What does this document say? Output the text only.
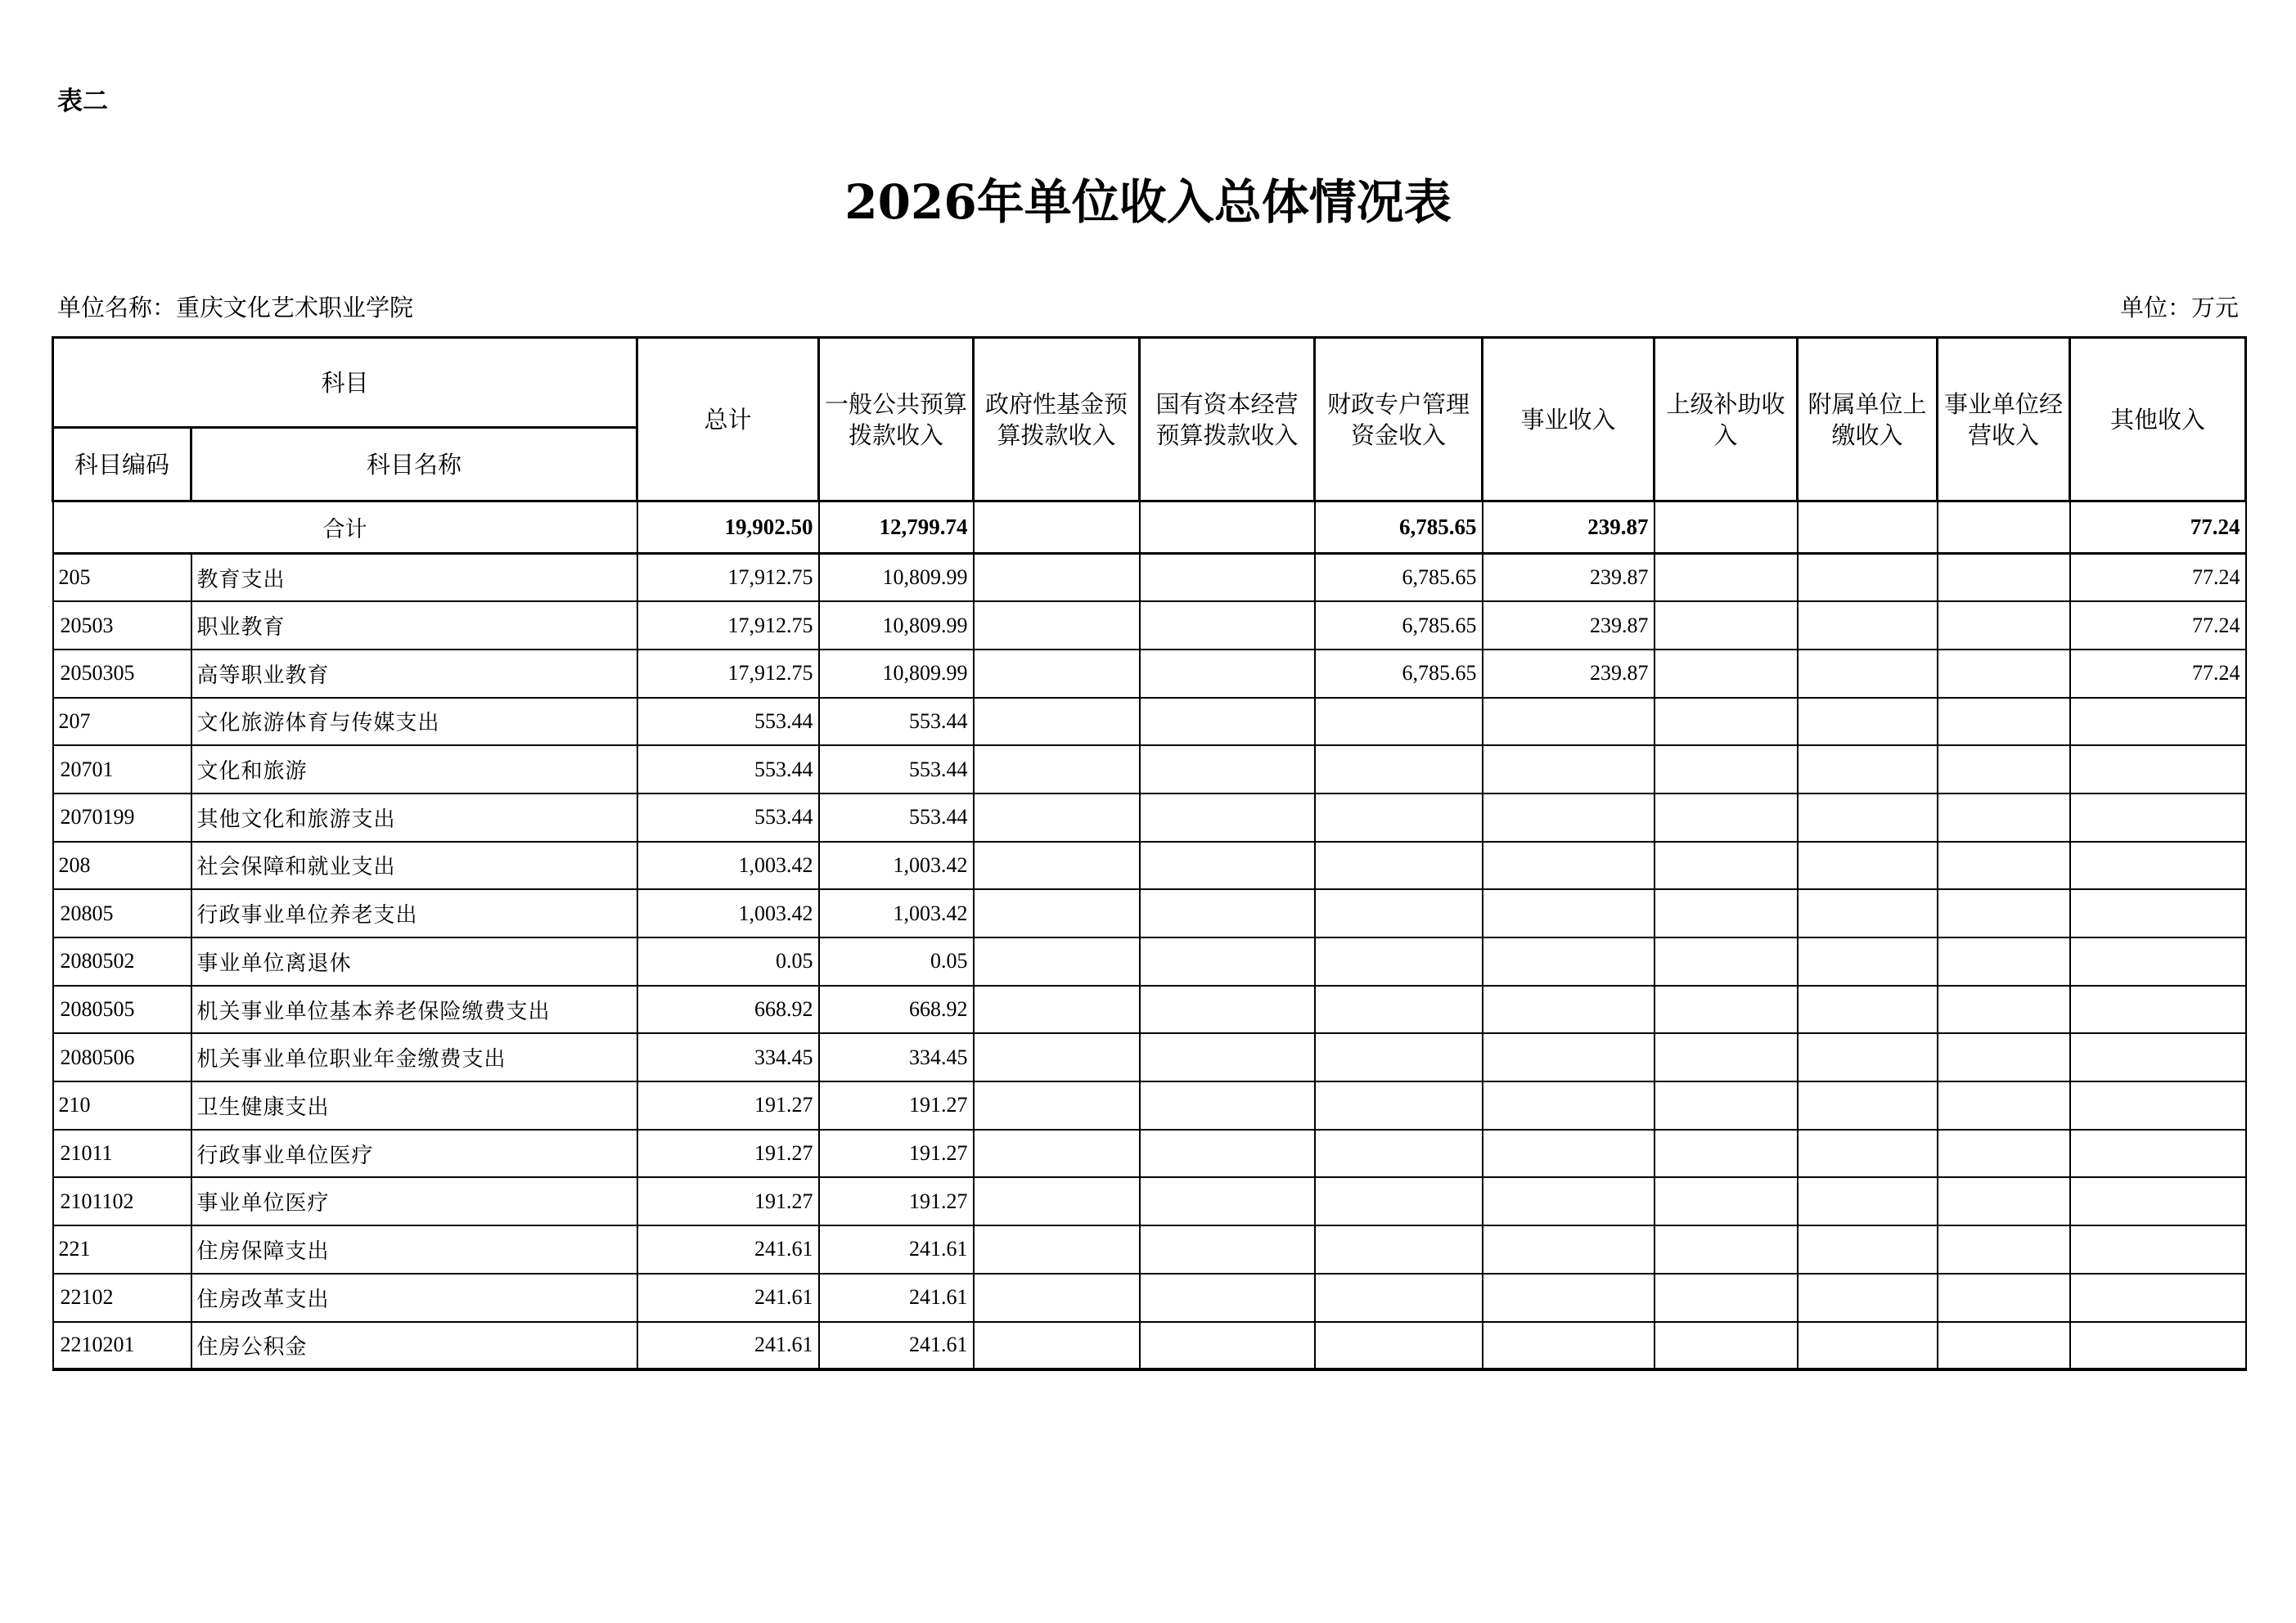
表二
2026年单位收入总体情况表
单位名称：重庆文化艺术职业学院	单位：万元
科目		总计	一般公共预算拨款收入	政府性基金预算拨款收入	国有资本经营预算拨款收入	财政专户管理资金收入	事业收入	上级补助收入	附属单位上缴收入	事业单位经营收入	其他收入
科目编码	科目名称										
合计		19,902.50	12,799.74			6,785.65	239.87				77.24
205	教育支出	17,912.75	10,809.99			6,785.65	239.87				77.24
20503	职业教育	17,912.75	10,809.99			6,785.65	239.87				77.24
2050305	高等职业教育	17,912.75	10,809.99			6,785.65	239.87				77.24
207	文化旅游体育与传媒支出	553.44	553.44								
20701	文化和旅游	553.44	553.44								
2070199	其他文化和旅游支出	553.44	553.44								
208	社会保障和就业支出	1,003.42	1,003.42								
20805	行政事业单位养老支出	1,003.42	1,003.42								
2080502	事业单位离退休	0.05	0.05								
2080505	机关事业单位基本养老保险缴费支出	668.92	668.92								
2080506	机关事业单位职业年金缴费支出	334.45	334.45								
210	卫生健康支出	191.27	191.27								
21011	行政事业单位医疗	191.27	191.27								
2101102	事业单位医疗	191.27	191.27								
221	住房保障支出	241.61	241.61								
22102	住房改革支出	241.61	241.61								
2210201	住房公积金	241.61	241.61								
